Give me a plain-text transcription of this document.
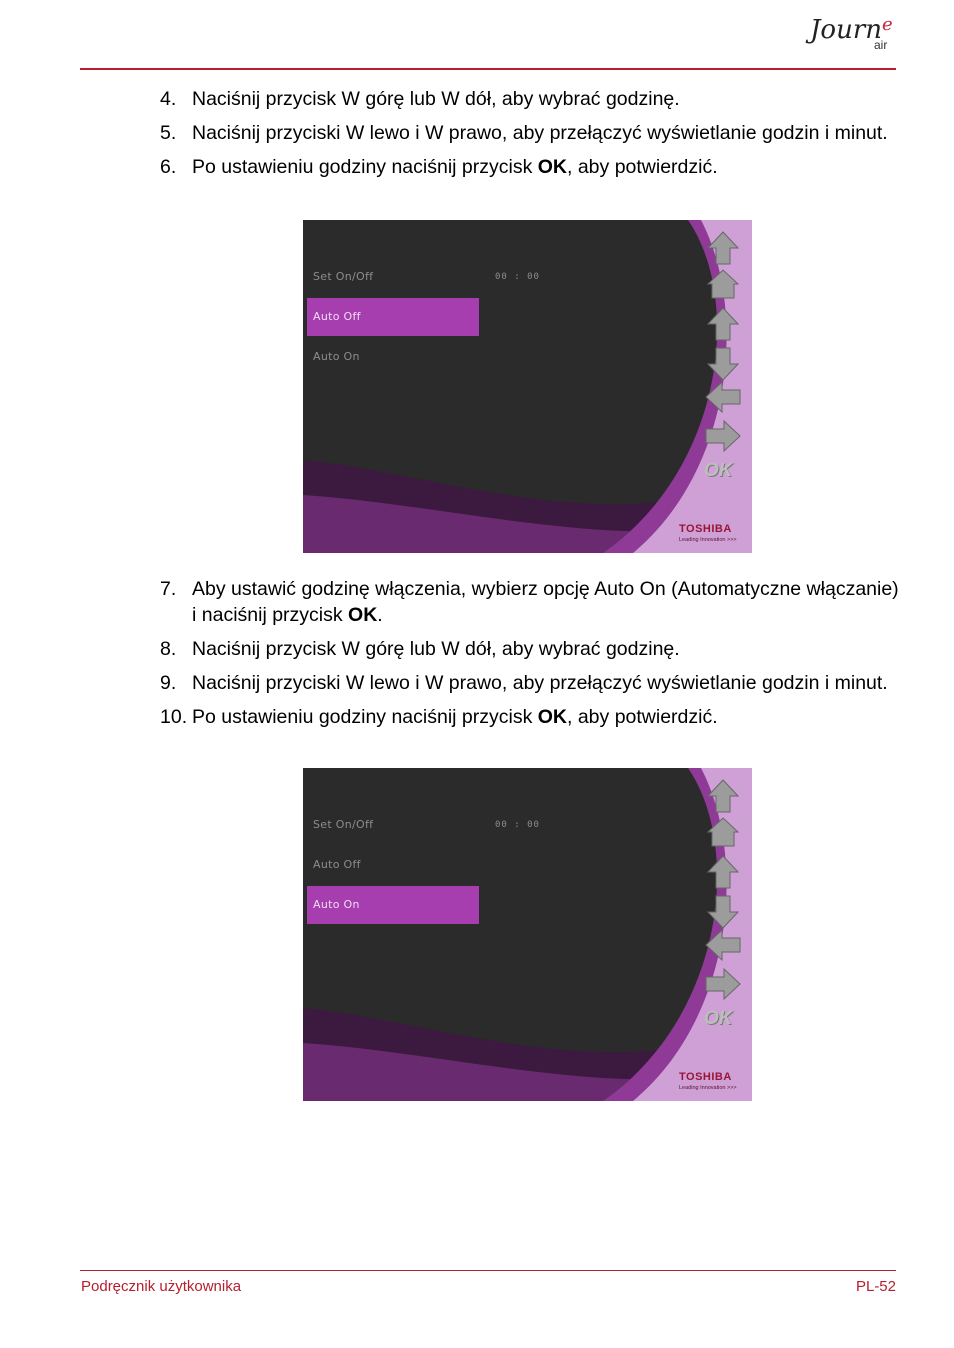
Journ$^e$
air
4. Naciśnij przycisk W górę lub W dół, aby wybrać godzinę.
5. Naciśnij przyciski W lewo i W prawo, aby przełączyć wyświetlanie godzin i minut.
6. Po ustawieniu godziny naciśnij przycisk OK, aby potwierdzić.
Set On/Off
Auto Off
Auto On
00 : 00
OK
TOSHIBA
Leading Innovation >>>
7. Aby ustawić godzinę włączenia, wybierz opcję Auto On (Automatyczne włączanie) i naciśnij przycisk OK.
8. Naciśnij przycisk W górę lub W dół, aby wybrać godzinę.
9. Naciśnij przyciski W lewo i W prawo, aby przełączyć wyświetlanie godzin i minut.
10. Po ustawieniu godziny naciśnij przycisk OK, aby potwierdzić.
Set On/Off
Auto Off
Auto On
00 : 00
OK
TOSHIBA
Leading Innovation >>>
Podręcznik użytkownika	PL-52
